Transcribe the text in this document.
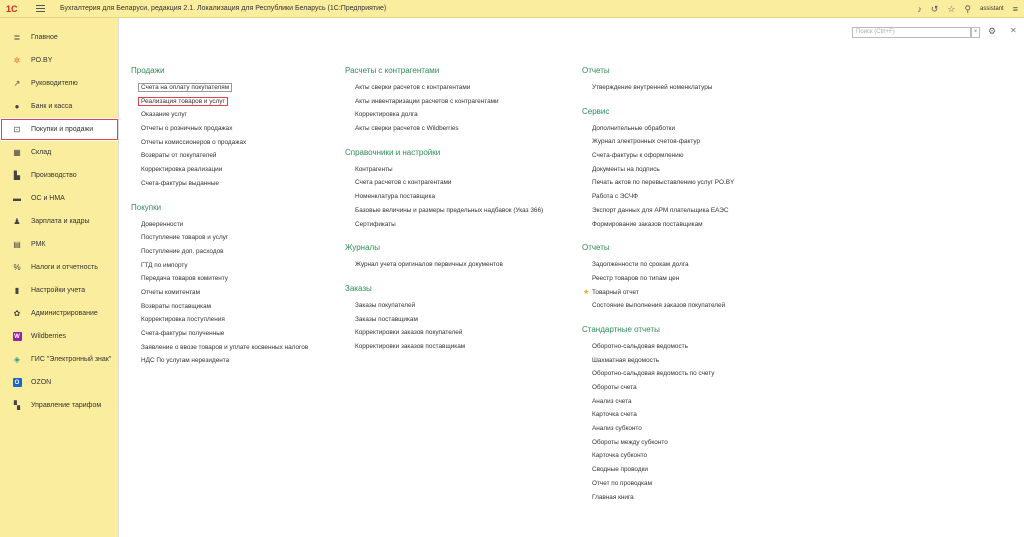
1С	Бухгалтерия для Беларуси, редакция 2.1. Локализация для Республики Беларусь (1С:Предприятие)	♪ ↺ ☆ ⚲ assistant ≡
≣ Главное
✲ PO.BY
↗ Руководителю
●	Банк и касса
⊡ Покупки и продажи
▦ Склад
▙ Производство
▬ ОС и НМА
♟ Зарплата и кадры
▤ РМК
% Налоги и отчетность
▮	Настройки учета
✿ Администрирование
W Wildberries
◈ ГИС "Электронный знак"
O	OZON
▚ Управление тарифом
Поиск (Ctrl+F)	×	⚙ ✕
Продажи
Счета на оплату покупателям
Реализация товаров и услуг
Оказание услуг
Отчеты о розничных продажах
Отчеты комиссионеров о продажах
Возвраты от покупателей
Корректировка реализации
Счета-фактуры выданные
Покупки
Доверенности
Поступление товаров и услуг
Поступление доп. расходов
ГТД по импорту
Передача товаров комитенту
Отчеты комитентам
Возвраты поставщикам
Корректировка поступления
Счета-фактуры полученные
Заявление о ввозе товаров и уплате косвенных налогов
НДС По услугам нерезидента
Расчеты с контрагентами
Акты сверки расчетов с контрагентами
Акты инвентаризации расчетов с контрагентами
Корректировка долга
Акты сверки расчетов с Wildberries
Справочники и настройки
Контрагенты
Счета расчетов с контрагентами
Номенклатура поставщика
Базовые величины и размеры предельных надбавок (Указ 366)
Сертификаты
Журналы
Журнал учета оригиналов первичных документов
Заказы
Заказы покупателей
Заказы поставщикам
Корректировки заказов покупателей
Корректировки заказов поставщикам
Отчеты
Утверждение внутренней номенклатуры
Сервис
Дополнительные обработки
Журнал электронных счетов-фактур
Счета-фактуры к оформлению
Документы на подпись
Печать актов по перевыставлению услуг PO.BY
Работа с ЭСЧФ
Экспорт данных для АРМ плательщика ЕАЭС
Формирование заказов поставщикам
Отчеты
Задолженности по срокам долга
Реестр товаров по типам цен
★ Товарный отчет
Состояние выполнения заказов покупателей
Стандартные отчеты
Оборотно-сальдовая ведомость
Шахматная ведомость
Оборотно-сальдовая ведомость по счету
Обороты счета
Анализ счета
Карточка счета
Анализ субконто
Обороты между субконто
Карточка субконто
Сводные проводки
Отчет по проводкам
Главная книга
